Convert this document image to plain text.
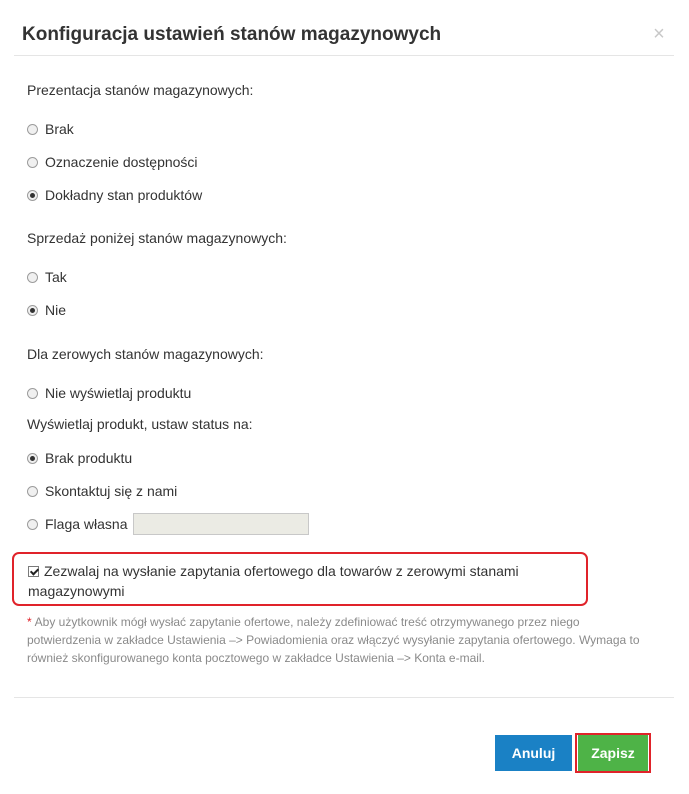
Konfiguracja ustawień stanów magazynowych	×
Prezentacja stanów magazynowych:
Brak
Oznaczenie dostępności
Dokładny stan produktów
Sprzedaż poniżej stanów magazynowych:
Tak
Nie
Dla zerowych stanów magazynowych:
Nie wyświetlaj produktu
Wyświetlaj produkt, ustaw status na:
Brak produktu
Skontaktuj się z nami
Flaga własna
Zezwalaj na wysłanie zapytania ofertowego dla towarów z zerowymi stanami magazynowymi
* Aby użytkownik mógł wysłać zapytanie ofertowe, należy zdefiniować treść otrzymywanego przez niego potwierdzenia w zakładce Ustawienia –> Powiadomienia oraz włączyć wysyłanie zapytania ofertowego. Wymaga to również skonfigurowanego konta pocztowego w zakładce Ustawienia –> Konta e-mail.
Anuluj	Zapisz
